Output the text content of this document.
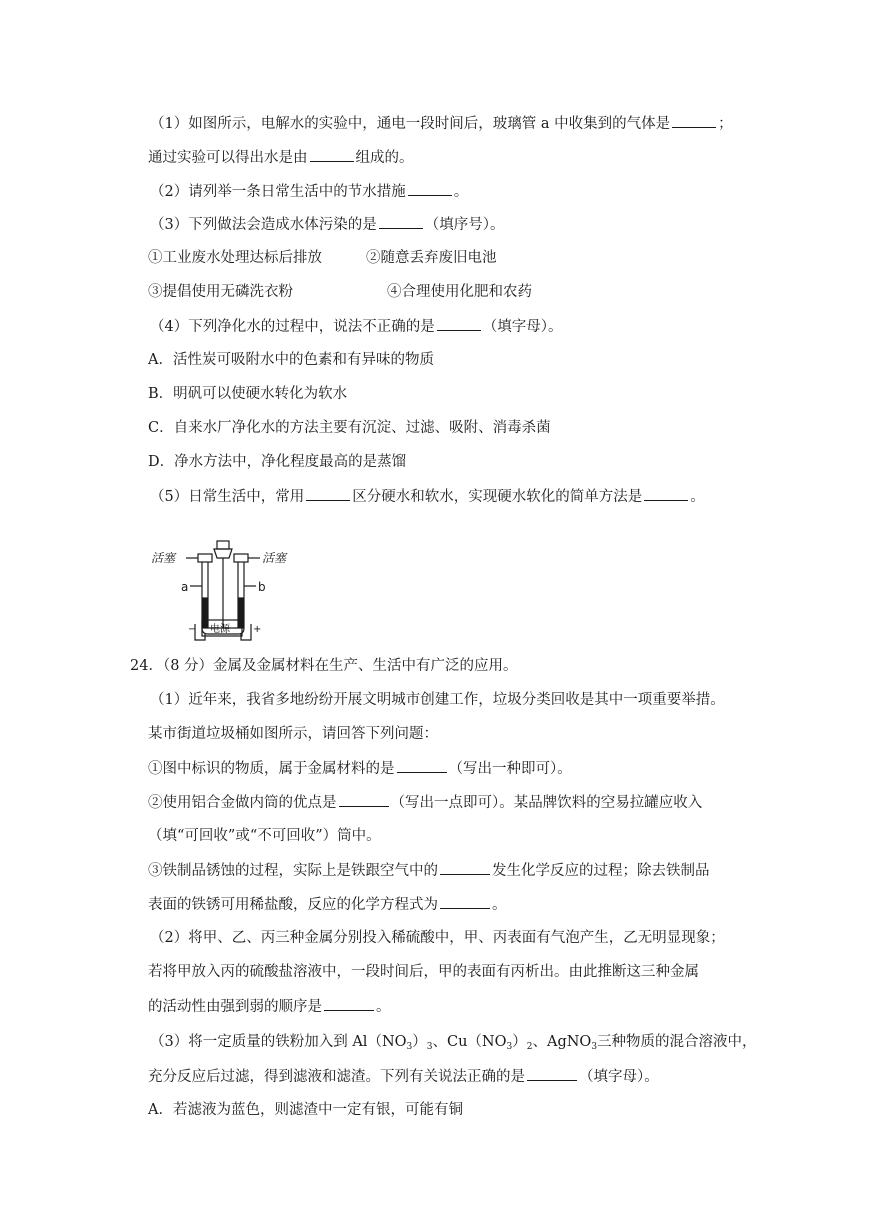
（1）如图所示，电解水的实验中，通电一段时间后，玻璃管 a 中收集到的气体是	；
通过实验可以得出水是由	组成的。
（2）请列举一条日常生活中的节水措施	。
（3）下列做法会造成水体污染的是	（填序号）。
①工业废水处理达标后排放	②随意丢弃废旧电池
③提倡使用无磷洗衣粉	④合理使用化肥和农药
（4）下列净化水的过程中，说法不正确的是	（填字母）。
A．活性炭可吸附水中的色素和有异味的物质
B．明矾可以使硬水转化为软水
C．自来水厂净化水的方法主要有沉淀、过滤、吸附、消毒杀菌
D．净水方法中，净化程度最高的是蒸馏
（5）日常生活中，常用	区分硬水和软水，实现硬水软化的简单方法是	。
活塞	活塞
a	b
电源
−	+
24．（8 分）金属及金属材料在生产、生活中有广泛的应用。
（1）近年来，我省多地纷纷开展文明城市创建工作，垃圾分类回收是其中一项重要举措。
某市街道垃圾桶如图所示，请回答下列问题：
①图中标识的物质，属于金属材料的是	（写出一种即可）。
②使用铝合金做内筒的优点是	（写出一点即可）。某品牌饮料的空易拉罐应收入
（填“可回收”或“不可回收”）筒中。
③铁制品锈蚀的过程，实际上是铁跟空气中的	发生化学反应的过程；除去铁制品
表面的铁锈可用稀盐酸，反应的化学方程式为	。
（2）将甲、乙、丙三种金属分别投入稀硫酸中，甲、丙表面有气泡产生，乙无明显现象；
若将甲放入丙的硫酸盐溶液中，一段时间后，甲的表面有丙析出。由此推断这三种金属
的活动性由强到弱的顺序是	。
（3）将一定质量的铁粉加入到 $Al(NO_3)_3$、$Cu(NO_3)_2$、AgNO$_3$三种物质的混合溶液中，
充分反应后过滤，得到滤液和滤渣。下列有关说法正确的是	（填字母）。
A．若滤液为蓝色，则滤渣中一定有银，可能有铜
